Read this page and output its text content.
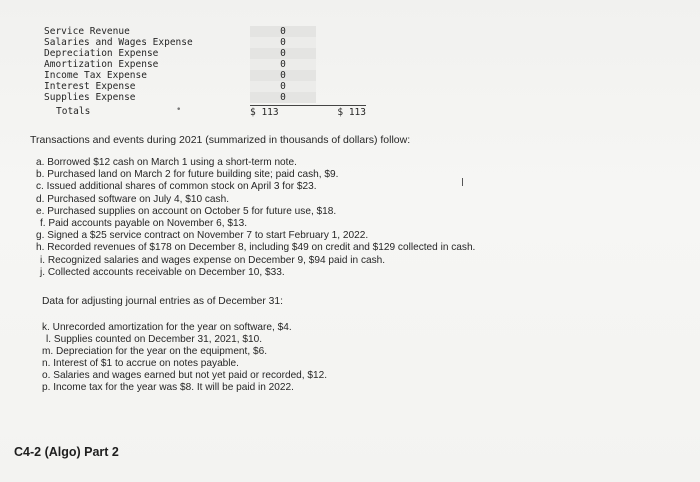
Service Revenue	0
Salaries and Wages Expense	0
Depreciation Expense	0
Amortization Expense	0
Income Tax Expense	0
Interest Expense	0
Supplies Expense	0
Totals	•	$ 113	$ 113
Transactions and events during 2021 (summarized in thousands of dollars) follow:
a. Borrowed $12 cash on March 1 using a short-term note.
b. Purchased land on March 2 for future building site; paid cash, $9.
c. Issued additional shares of common stock on April 3 for $23.
d. Purchased software on July 4, $10 cash.
e. Purchased supplies on account on October 5 for future use, $18.
f. Paid accounts payable on November 6, $13.
g. Signed a $25 service contract on November 7 to start February 1, 2022.
h. Recorded revenues of $178 on December 8, including $49 on credit and $129 collected in cash.
i. Recognized salaries and wages expense on December 9, $94 paid in cash.
j. Collected accounts receivable on December 10, $33.
Data for adjusting journal entries as of December 31:
k. Unrecorded amortization for the year on software, $4.
l. Supplies counted on December 31, 2021, $10.
m. Depreciation for the year on the equipment, $6.
n. Interest of $1 to accrue on notes payable.
o. Salaries and wages earned but not yet paid or recorded, $12.
p. Income tax for the year was $8. It will be paid in 2022.
C4-2 (Algo) Part 2
